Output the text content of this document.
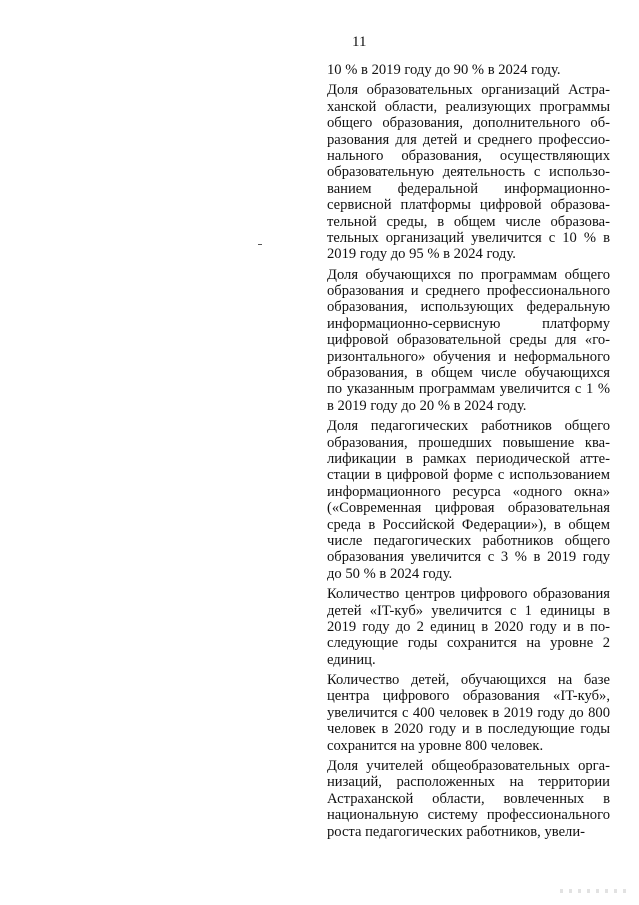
11
10 % в 2019 году до 90 % в 2024 году.
Доля образовательных организаций Астра-
ханской области, реализующих программы
общего образования, дополнительного об-
разования для детей и среднего профессио-
нального образования, осуществляющих
образовательную деятельность с использо-
ванием федеральной информационно-
сервисной платформы цифровой образова-
тельной среды, в общем числе образова-
тельных организаций увеличится с 10 % в
2019 году до 95 % в 2024 году.
Доля обучающихся по программам общего
образования и среднего профессионального
образования, использующих федеральную
информационно-сервисную платформу
цифровой образовательной среды для «го-
ризонтального» обучения и неформального
образования, в общем числе обучающихся
по указанным программам увеличится с 1 %
в 2019 году до 20 % в 2024 году.
Доля педагогических работников общего
образования, прошедших повышение ква-
лификации в рамках периодической атте-
стации в цифровой форме с использованием
информационного ресурса «одного окна»
(«Современная цифровая образовательная
среда в Российской Федерации»), в общем
числе педагогических работников общего
образования увеличится с 3 % в 2019 году
до 50 % в 2024 году.
Количество центров цифрового образования
детей «IT-куб» увеличится с 1 единицы в
2019 году до 2 единиц в 2020 году и в по-
следующие годы сохранится на уровне 2
единиц.
Количество детей, обучающихся на базе
центра цифрового образования «IT-куб»,
увеличится с 400 человек в 2019 году до 800
человек в 2020 году и в последующие годы
сохранится на уровне 800 человек.
Доля учителей общеобразовательных орга-
низаций, расположенных на территории
Астраханской области, вовлеченных в
национальную систему профессионального
роста педагогических работников, увели-
